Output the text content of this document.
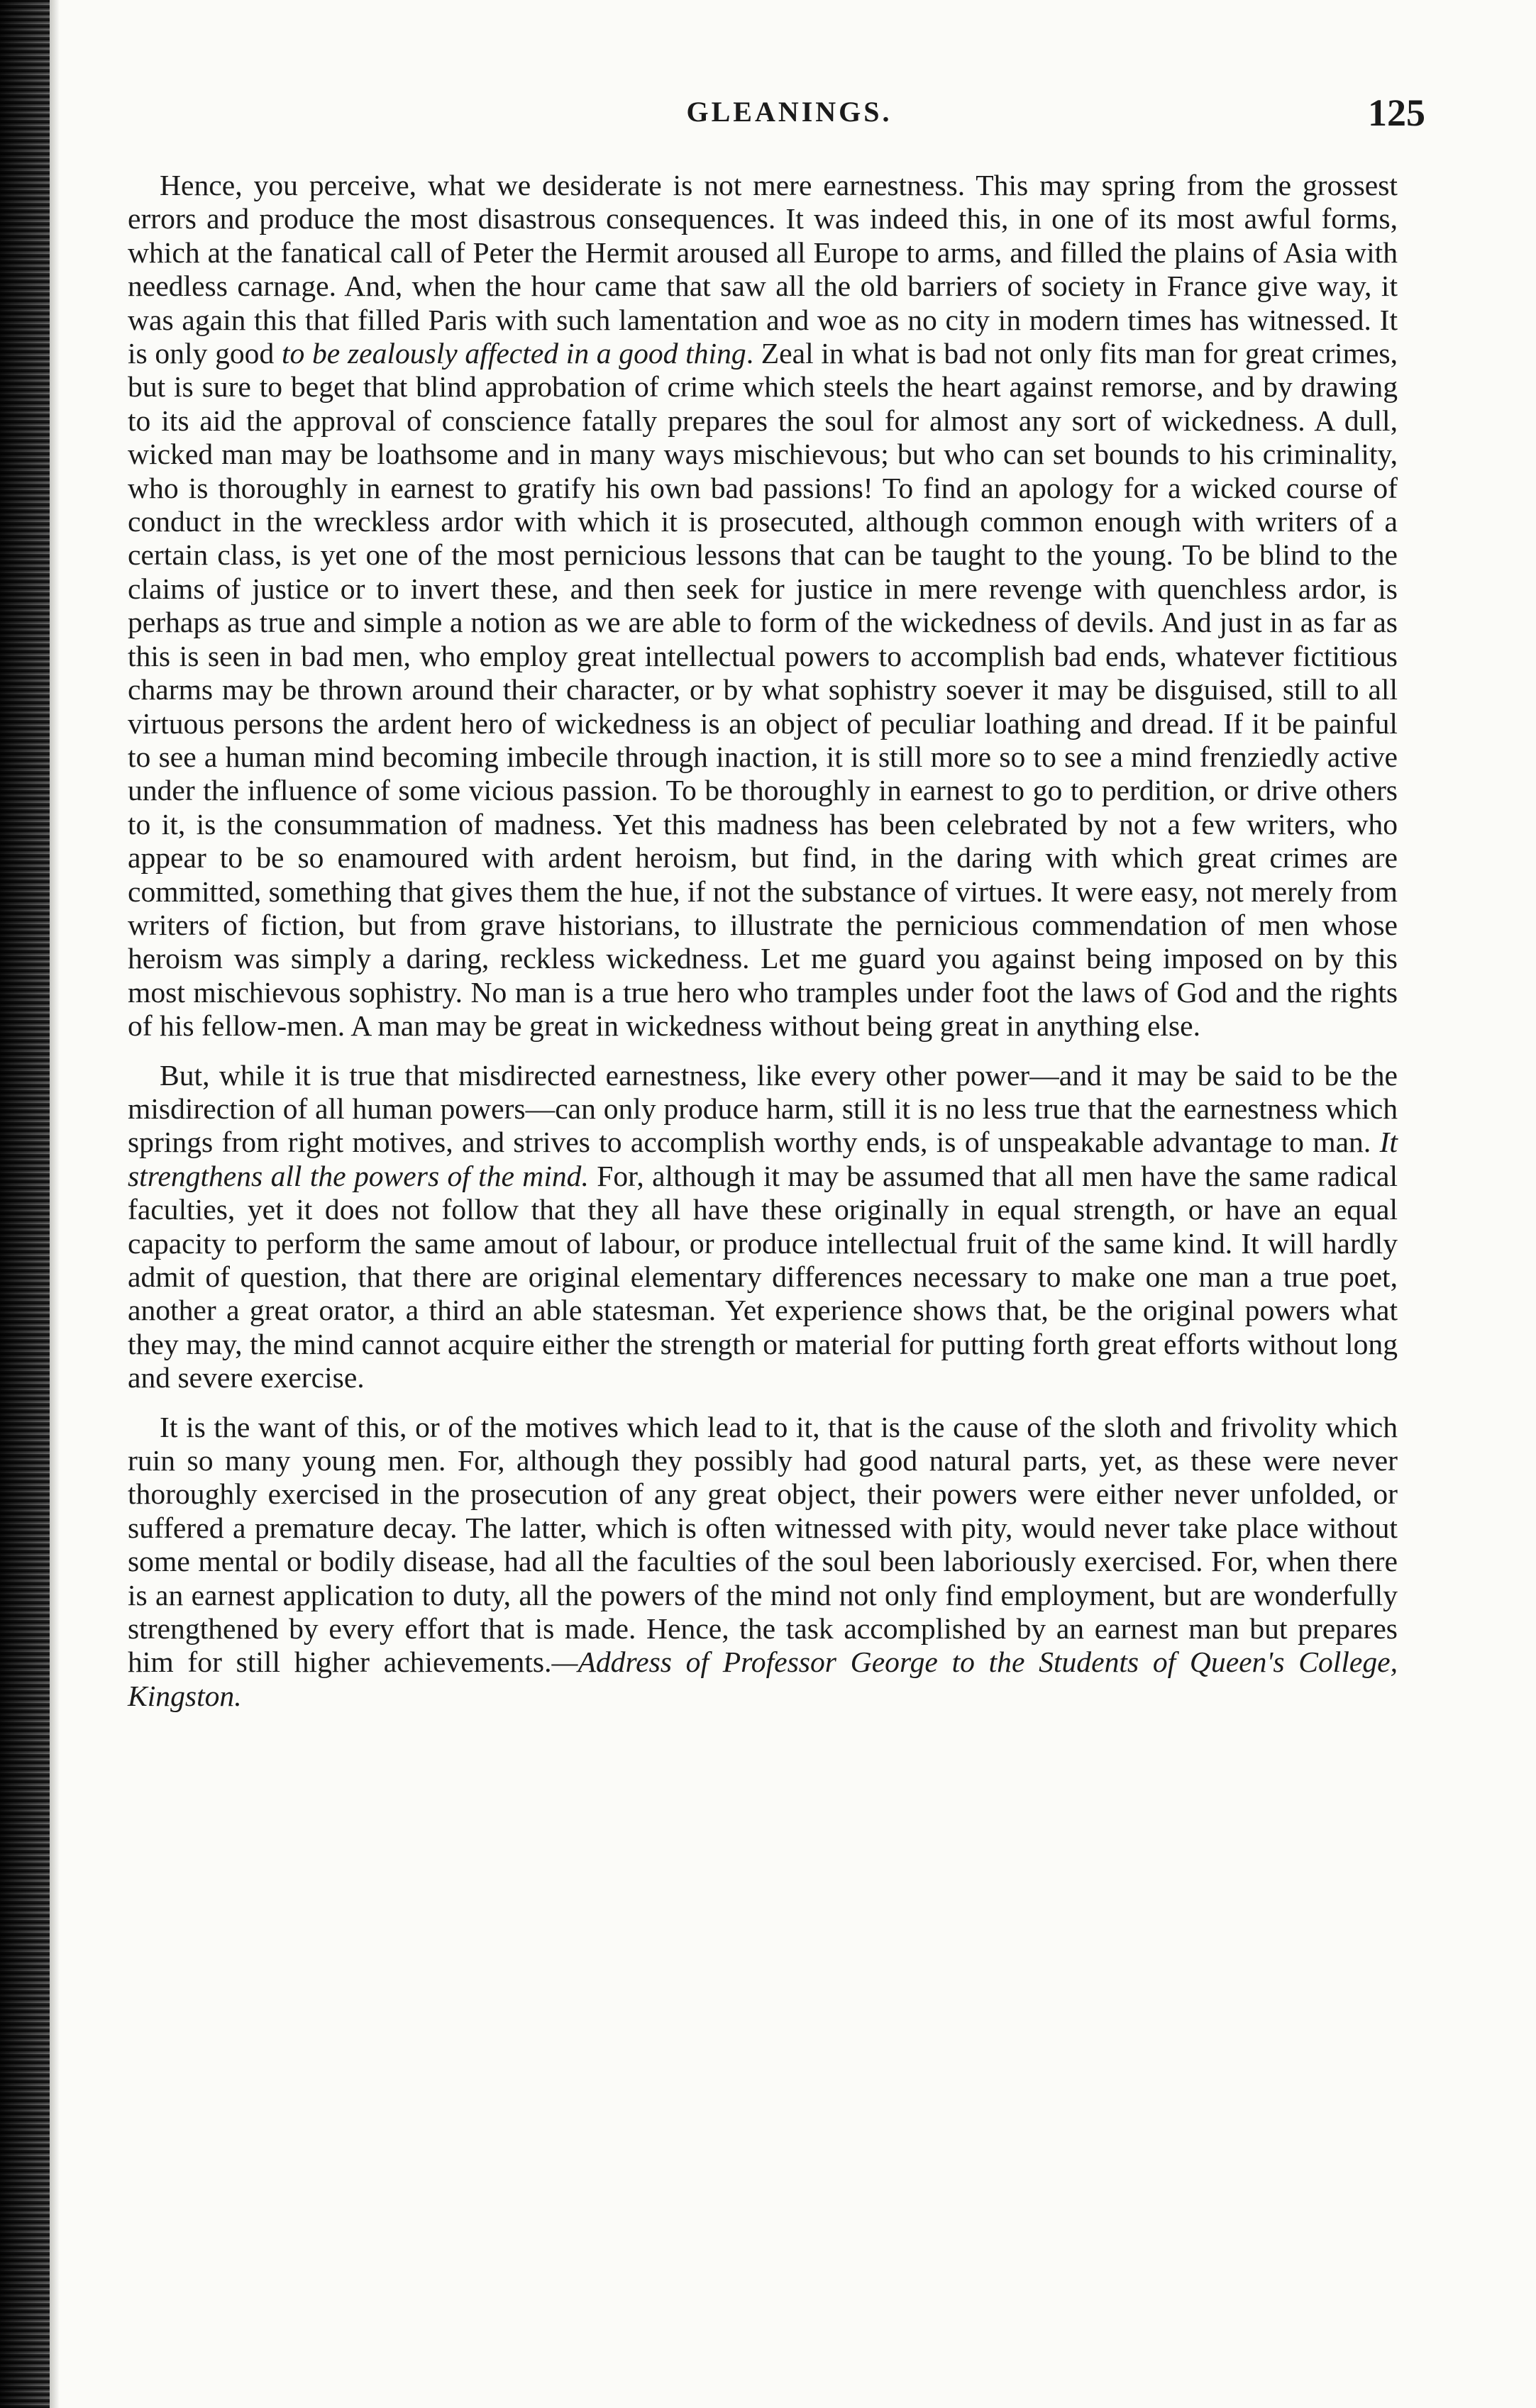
GLEANINGS.	125

Hence, you perceive, what we desiderate is not mere earnestness. This may spring from the grossest errors and produce the most disastrous consequences. It was indeed this, in one of its most awful forms, which at the fanatical call of Peter the Hermit aroused all Europe to arms, and filled the plains of Asia with needless carnage. And, when the hour came that saw all the old barriers of society in France give way, it was again this that filled Paris with such lamentation and woe as no city in modern times has witnessed. It is only good to be zealously affected in a good thing. Zeal in what is bad not only fits man for great crimes, but is sure to beget that blind approbation of crime which steels the heart against remorse, and by drawing to its aid the approval of conscience fatally prepares the soul for almost any sort of wickedness. A dull, wicked man may be loathsome and in many ways mischievous; but who can set bounds to his criminality, who is thoroughly in earnest to gratify his own bad passions! To find an apology for a wicked course of conduct in the wreckless ardor with which it is prosecuted, although common enough with writers of a certain class, is yet one of the most pernicious lessons that can be taught to the young. To be blind to the claims of justice or to invert these, and then seek for justice in mere revenge with quenchless ardor, is perhaps as true and simple a notion as we are able to form of the wickedness of devils. And just in as far as this is seen in bad men, who employ great intellectual powers to accomplish bad ends, whatever fictitious charms may be thrown around their character, or by what sophistry soever it may be disguised, still to all virtuous persons the ardent hero of wickedness is an object of peculiar loathing and dread. If it be painful to see a human mind becoming imbecile through inaction, it is still more so to see a mind frenziedly active under the influence of some vicious passion. To be thoroughly in earnest to go to perdition, or drive others to it, is the consummation of madness. Yet this madness has been celebrated by not a few writers, who appear to be so enamoured with ardent heroism, but find, in the daring with which great crimes are committed, something that gives them the hue, if not the substance of virtues. It were easy, not merely from writers of fiction, but from grave historians, to illustrate the pernicious commendation of men whose heroism was simply a daring, reckless wickedness. Let me guard you against being imposed on by this most mischievous sophistry. No man is a true hero who tramples under foot the laws of God and the rights of his fellow-men. A man may be great in wickedness without being great in anything else.

But, while it is true that misdirected earnestness, like every other power—and it may be said to be the misdirection of all human powers—can only produce harm, still it is no less true that the earnestness which springs from right motives, and strives to accomplish worthy ends, is of unspeakable advantage to man. It strengthens all the powers of the mind. For, although it may be assumed that all men have the same radical faculties, yet it does not follow that they all have these originally in equal strength, or have an equal capacity to perform the same amout of labour, or produce intellectual fruit of the same kind. It will hardly admit of question, that there are original elementary differences necessary to make one man a true poet, another a great orator, a third an able statesman. Yet experience shows that, be the original powers what they may, the mind cannot acquire either the strength or material for putting forth great efforts without long and severe exercise.

It is the want of this, or of the motives which lead to it, that is the cause of the sloth and frivolity which ruin so many young men. For, although they possibly had good natural parts, yet, as these were never thoroughly exercised in the prosecution of any great object, their powers were either never unfolded, or suffered a premature decay. The latter, which is often witnessed with pity, would never take place without some mental or bodily disease, had all the faculties of the soul been laboriously exercised. For, when there is an earnest application to duty, all the powers of the mind not only find employment, but are wonderfully strengthened by every effort that is made. Hence, the task accomplished by an earnest man but prepares him for still higher achievements.—Address of Professor George to the Students of Queen's College, Kingston.
